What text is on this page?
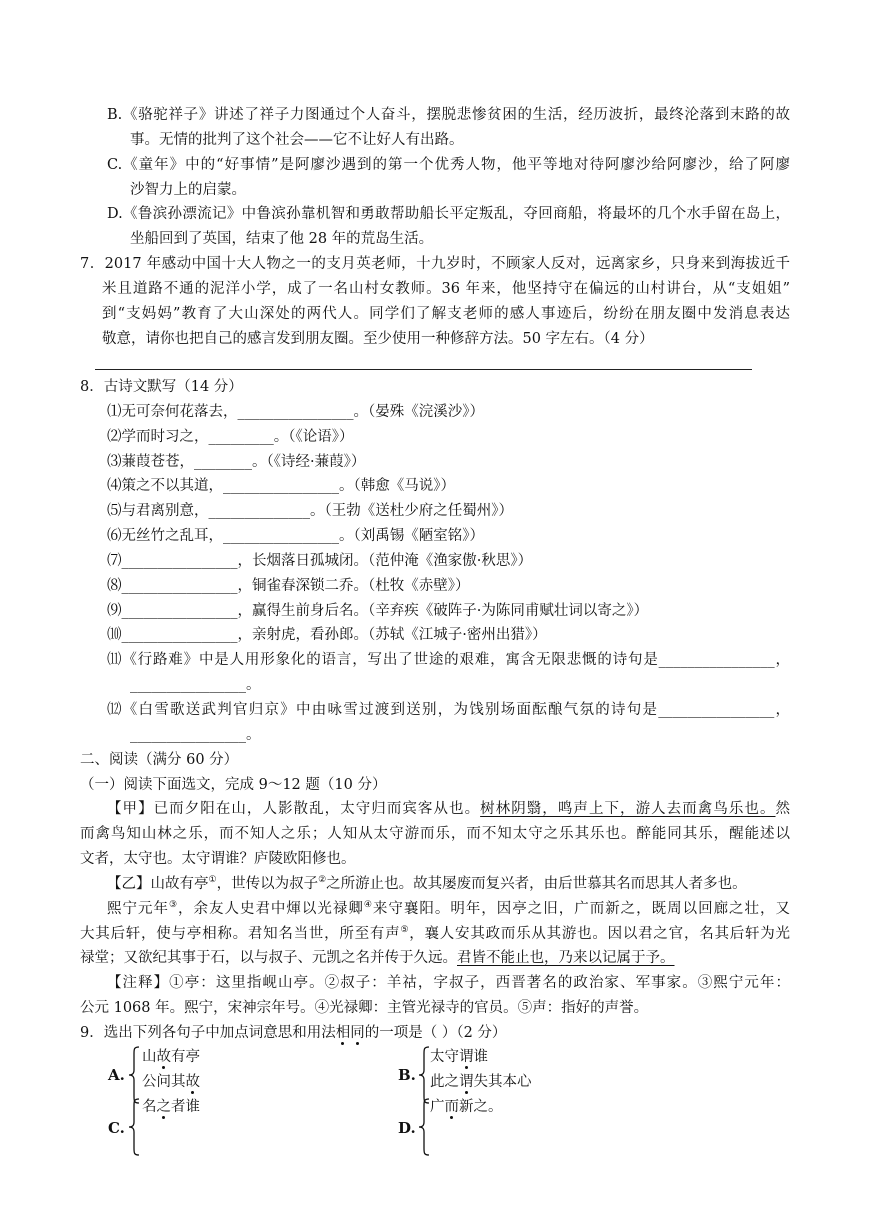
B.《骆驼祥子》讲述了祥子力图通过个人奋斗，摆脱悲惨贫困的生活，经历波折，最终沦落到末路的故
事。无情的批判了这个社会——它不让好人有出路。
C.《童年》中的“好事情”是阿廖沙遇到的第一个优秀人物，他平等地对待阿廖沙给阿廖沙，给了阿廖
沙智力上的启蒙。
D.《鲁滨孙漂流记》中鲁滨孙靠机智和勇敢帮助船长平定叛乱，夺回商船，将最坏的几个水手留在岛上，
坐船回到了英国，结束了他 28 年的荒岛生活。
7．2017 年感动中国十大人物之一的支月英老师，十九岁时，不顾家人反对，远离家乡，只身来到海拔近千
米且道路不通的泥洋小学，成了一名山村女教师。36 年来，他坚持守在偏远的山村讲台，从“支姐姐”
到“支妈妈”教育了大山深处的两代人。同学们了解支老师的感人事迹后，纷纷在朋友圈中发消息表达
敬意，请你也把自己的感言发到朋友圈。至少使用一种修辞方法。50 字左右。（4 分）
8．古诗文默写（14 分）
⑴无可奈何花落去，________________。（晏殊《浣溪沙》）
⑵学而时习之，_________。（《论语》）
⑶蒹葭苍苍，________。（《诗经·蒹葭》）
⑷策之不以其道，________________。（韩愈《马说》）
⑸与君离别意，______________。（王勃《送杜少府之任蜀州》）
⑹无丝竹之乱耳，________________。（刘禹锡《陋室铭》）
⑺________________，长烟落日孤城闭。（范仲淹《渔家傲·秋思》）
⑻________________，铜雀春深锁二乔。（杜牧《赤壁》）
⑼________________，赢得生前身后名。（辛弃疾《破阵子·为陈同甫赋壮词以寄之》）
⑽________________，亲射虎，看孙郎。（苏轼《江城子·密州出猎》）
⑾《行路难》中是人用形象化的语言，写出了世途的艰难，寓含无限悲慨的诗句是________________，
________________。
⑿《白雪歌送武判官归京》中由咏雪过渡到送别，为饯别场面酝酿气氛的诗句是________________，
________________。
二、阅读（满分 60 分）
（一）阅读下面选文，完成 9～12 题（10 分）
【甲】已而夕阳在山，人影散乱，太守归而宾客从也。树林阴翳，鸣声上下，游人去而禽鸟乐也。然
而禽鸟知山林之乐，而不知人之乐；人知从太守游而乐，而不知太守之乐其乐也。醉能同其乐，醒能述以
文者，太守也。太守谓谁？庐陵欧阳修也。
【乙】山故有亭①，世传以为叔子②之所游止也。故其屡废而复兴者，由后世慕其名而思其人者多也。
熙宁元年③，余友人史君中煇以光禄卿④来守襄阳。明年，因亭之旧，广而新之，既周以回廊之壮，又
大其后轩，使与亭相称。君知名当世，所至有声⑤，襄人安其政而乐从其游也。因以君之官，名其后轩为光
禄堂；又欲纪其事于石，以与叔子、元凯之名并传于久远。君皆不能止也，乃来以记属于予。
【注释】①亭：这里指岘山亭。②叔子：羊祜，字叔子，西晋著名的政治家、军事家。③熙宁元年：
公元 1068 年。熙宁，宋神宗年号。④光禄卿：主管光禄寺的官员。⑤声：指好的声誉。
9．选出下列各句子中加点词意思和用法相同的一项是（ ）（2 分）
A.
山故有亭
公问其故	B.
太守谓谁
此之谓失其本心
C.
名之者谁
D.
广而新之。
